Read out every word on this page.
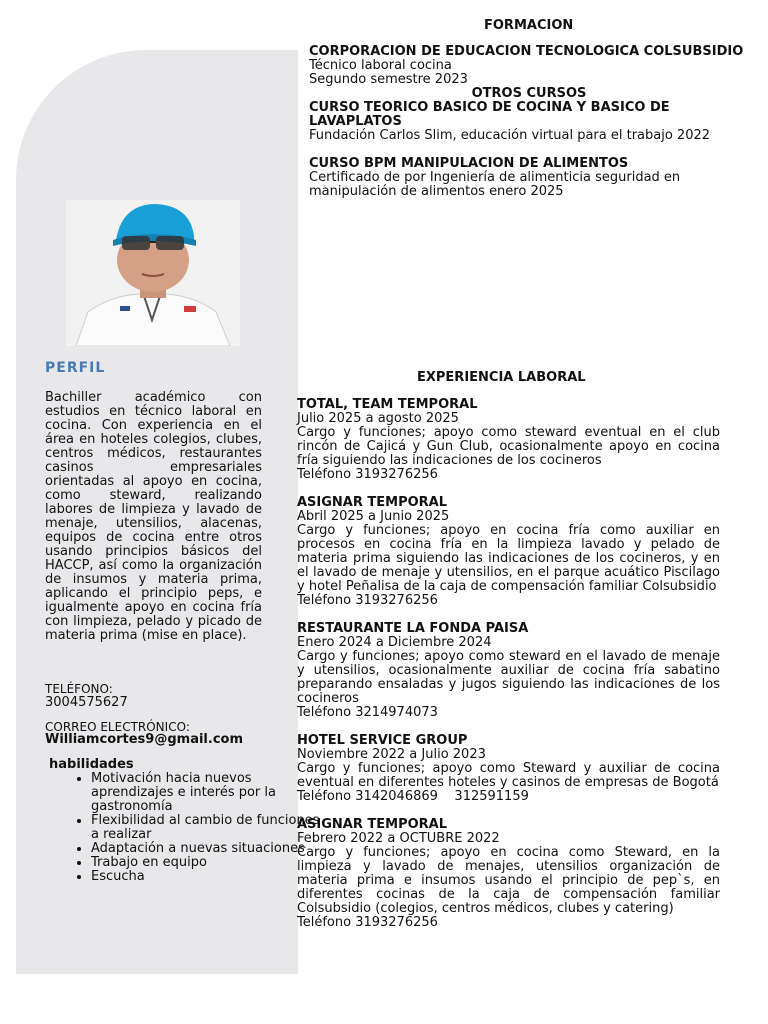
FORMACION
CORPORACION DE EDUCACION TECNOLOGICA COLSUBSIDIO
Técnico laboral cocina
Segundo semestre 2023
OTROS CURSOS
CURSO TEORICO BASICO DE COCINA Y BASICO DE LAVAPLATOS
Fundación Carlos Slim, educación virtual para el trabajo 2022
CURSO BPM MANIPULACION DE ALIMENTOS
Certificado de por Ingeniería de alimenticia seguridad en manipulación de alimentos enero 2025
PERFIL
Bachiller académico con estudios en técnico laboral en cocina. Con experiencia en el área en hoteles colegios, clubes, centros médicos, restaurantes casinos empresariales orientadas al apoyo en cocina, como steward, realizando labores de limpieza y lavado de menaje, utensilios, alacenas, equipos de cocina entre otros usando principios básicos del HACCP, así como la organización de insumos y materia prima, aplicando el principio peps, e igualmente apoyo en cocina fría con limpieza, pelado y picado de materia prima (mise en place).
TELÉFONO:
3004575627
CORREO ELECTRÓNICO:
Williamcortes9@gmail.com
habilidades
• Motivación hacia nuevos aprendizajes e interés por la gastronomía
• Flexibilidad al cambio de funciones a realizar
• Adaptación a nuevas situaciones
• Trabajo en equipo
• Escucha
EXPERIENCIA LABORAL
TOTAL, TEAM TEMPORAL
Julio 2025 a agosto 2025
Cargo y funciones; apoyo como steward eventual en el club rincón de Cajicá y Gun Club, ocasionalmente apoyo en cocina fría siguiendo las indicaciones de los cocineros
Teléfono 3193276256
ASIGNAR TEMPORAL
Abril 2025 a Junio 2025
Cargo y funciones; apoyo en cocina fría como auxiliar en procesos en cocina fría en la limpieza lavado y pelado de materia prima siguiendo las indicaciones de los cocineros, y en el lavado de menaje y utensilios, en el parque acuático Piscilago y hotel Peñalisa de la caja de compensación familiar Colsubsidio
Teléfono 3193276256
RESTAURANTE LA FONDA PAISA
Enero 2024 a Diciembre 2024
Cargo y funciones; apoyo como steward en el lavado de menaje y utensilios, ocasionalmente auxiliar de cocina fría sabatino preparando ensaladas y jugos siguiendo las indicaciones de los cocineros
Teléfono 3214974073
HOTEL SERVICE GROUP
Noviembre 2022 a Julio 2023
Cargo y funciones; apoyo como Steward y auxiliar de cocina eventual en diferentes hoteles y casinos de empresas de Bogotá
Teléfono 3142046869    312591159
ASIGNAR TEMPORAL
Febrero 2022 a OCTUBRE 2022
Cargo y funciones; apoyo en cocina como Steward, en la limpieza y lavado de menajes, utensilios organización de materia prima e insumos usando el principio de pep`s, en diferentes cocinas de la caja de compensación familiar Colsubsidio (colegios, centros médicos, clubes y catering)
Teléfono 3193276256
